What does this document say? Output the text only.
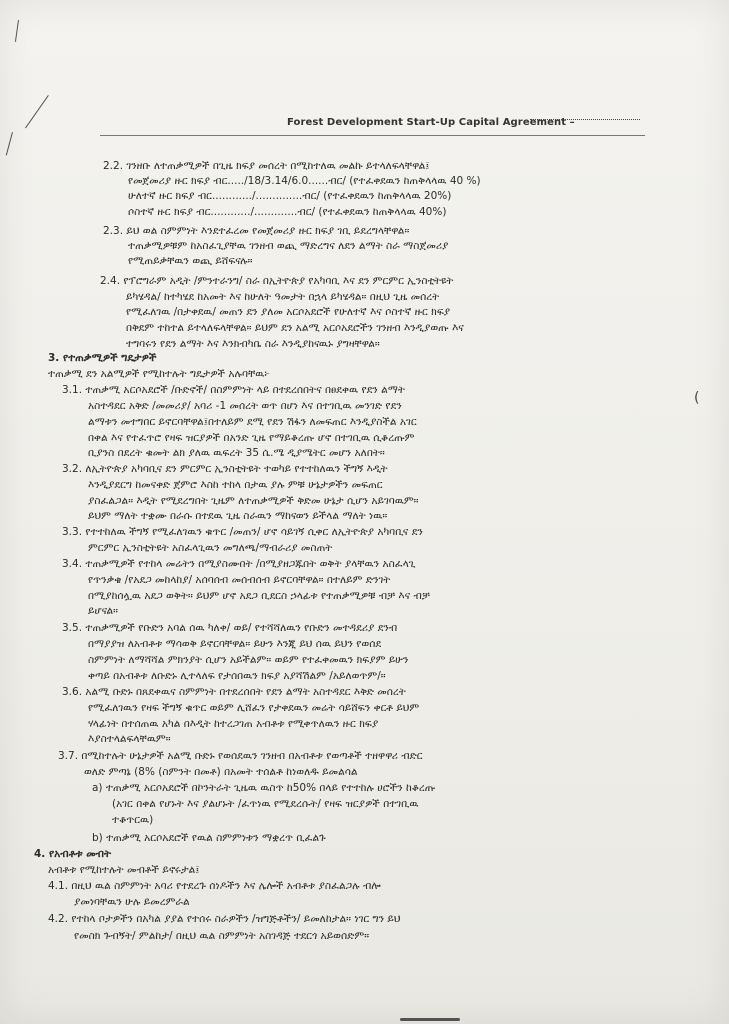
(
Forest Development Start-Up Capital Agreement –
2.2. ገንዘቡ ለተጠቃሚዎች በጊዜ ክፍያ መሰረት በሚከተለዉ መልኩ ይተላለፍላቸዋል፤
የመጀመሪያ ዙር ክፍያ ብር...../18/3.14/6.0......ብር/ (የተፈቀደዉን ከጠቅላላዉ 40 %)
ሁለተኛ ዙር ክፍያ ብር............/..............ብር/ (የተፈቀደዉን ከጠቅላላዉ 20%)
ሶስተኛ ዙር ክፍያ ብር............/.............ብር/ (የተፈቀደዉን ከጠቅላላዉ 40%)
2.3. ይህ ወል ስምምነት እንደተፈረመ የመጀመሪያ ዙር ክፍያ ገቢ ይደረግላቸዋል።
ተጠቃሚዎቹም ከአስፈጊያቸዉ ገንዘብ ወጪ ማድረግና ለደን ልማት ስራ ማስጀመሪያ
የሚጠይቃቸዉን ወጪ ይሸፍናሉ።
2.4. የፕሮግራም አዲት /ምንተራንግ/ ስራ በኢትዮጵያ የአካባቢ እና ደን ምርምር ኢንስቲትዩት
ይካሄዳል/ ከተካሄደ ከአመት እና ከሁለት ዓመታት በኋላ ይካሄዳል። በዚህ ጊዜ መሰረት
የሚፈለገዉ /በታቀደዉ/ መጠን ደን ያለመ አርሶአደሮች የሁለተኛ እና ሶስተኛ ዙር ክፍያ
በቅደም ተከተል ይተላለፍላቸዋል። ይህም ደን አልሚ አርሶአደሮችን ገንዘብ እንዲያወጡ እና
ተግባሩን የደን ልማት እና እንክብካቤ ስራ እንዲያከናዉኑ ያግዛቸዋል።
3. የተጠቃሚዎች ግዴታዎች
ተጠቃሚ ደን አልሚዎች የሚከተሉት ግዴታዎች አሉባቸዉ፦
3.1. ተጠቃሚ አርሶአደሮች /ቡድኖች/ በስምምነት ላይ በተደረሰበትና በፀደቀዉ የደን ልማት
አስተዳደር አቅድ /መመሪያ/ አባሪ -1 መሰረት ወጥ በሆነ እና በተገቢዉ መንገድ የደን
ልማቱን መተግበር ይኖርባቸዋል፤በተለይም ደሚ የደን ሽፋን ለመፍጠር እንዲያስችል አገር
በቀል እና የተፈጥሮ የዛፍ ዝርያዎች በአንድ ጊዜ የማይቆረጡ ሆኖ በተገቢዉ ሲቆረጡም
ቢያንስ በደረት ቁመት ልክ ያለዉ ዉፍረት 35 ሴ.ሜ ዲያሜትር መሆን አለበት።
3.2. ለኢትዮጵያ አካባቢና ደን ምርምር ኢንስቲትዩት ተወካይ የተተከለዉን ችግኝ እዲት
እንዲያደርግ ከመናቀድ ጀምሮ እስከ ተከላ በታዉ ያሉ ምቹ ሁኔታዎችን መፍጠር
ያስፈልጋል። እዲት የሚደረግበት ጊዜም ለተጠቃሚዎች ቅድመ ሁኔታ ሲሆን አይገባዉም።
ይህም ማለት ተቋሙ በራሱ በተደዉ ጊዜ ስራዉን ማከናወን ይችላል ማለት ነዉ።
3.3. የተተከለዉ ችግኝ የሚፈለገዉን ቁጥር /መጠን/ ሆኖ ሳይገኝ ሲቀር ለኢትዮጵያ አካባቢና ደን
ምርምር ኢንስቲትዩት አስፈላጊዉን መግለጫ/ማብራሪያ መስጠት
3.4. ተጠቃሚዎች የተከላ መሬትን በሚያስሙበት /በሚያዘጋጁበት ወቅት ያላቸዉን አስፈላጊ
የጥንቃቄ /የአደጋ መከላከያ/ አሰባሰብ መሰብሰብ ይኖርባቸዋል። በተለይም ድንገት
በሚያከሰሏዉ አደጋ ወቅት። ይህም ሆኖ አደጋ ቢደርስ ኃላፊቱ የተጠቃሚዎቹ ብቻ እና ብቻ
ይሆናል።
3.5. ተጠቃሚዎች የቡድን አባል ሰዉ ካለቀ/ ወይ/ የተሻሻለዉን የቡድን መተዳደሪያ ደንብ
በማያያዝ ለአብቶቱ ማሳወቅ ይኖርባቸዋል። ይሁን እንጂ ይህ ሰዉ ይህን የወሰደ
ስምምነት ለማሻሻል ምክንያት ሲሆን አይችልም። ወይም የተፈቀመዉን ክፍያም ይሁን
ቀጣይ በአብቶቱ ለቡድኑ ሊተላለፍ የታሰበዉን ክፍያ አያሻሽልም /አይለወጥም/።
3.6. አልሚ ቡድኑ በጸደቀዉና ስምምነት በተደረሰበት የደን ልማት አስተዳደር እቅድ መሰረት
የሚፈለገዉን የዛፍ ችግኝ ቁጥር ወይም ሊሸፈን የታቀደዉን መሬት ሳይሸፍን ቀርቶ ይህም
ሃላፊነት በተሰጠዉ አካል በእዲት ከተረጋገጠ አብቶቱ የሚቀጥለዉን ዙር ክፍያ
እያስተላልፍላቸዉም።
3.7. በሚከተሉት ሁኔታዎች አልሚ ቡድኑ የወሰደዉን ገንዘብ በአብቶቱ የወጣቶች ተዘዋዋሪ ብድር
ወለድ ምጣኔ (8% (ስምንት በመቶ) በአመት ተሰልቶ ከነወለዱ ይመልሳል
a) ተጠቃሚ አርሶአደሮች በኮንትራት ጊዜዉ ዉስጥ ከ50% በላይ የተተከሉ ሀሮችን ከቆረጡ
(አገር በቀል የሆኑት እና ያልሆኑት /ፈጥነዉ የሚደረሱት/ የዛፍ ዝርያዎች በተገቢዉ
ተቆጥርዉ)
b) ተጠቃሚ አርሶአደሮች የዉል ስምምነቱን ማቋረጥ ቢፈልጉ
4. የአብቶቱ መብት
አብቶቱ የሚከተሉት መብቶች ይኖሩታል፤
4.1. በዚህ ዉል ስምምነት አባሪ የተደረጉ ሰነዶችን እና ሌሎች አብቶቱ ያስፈልጋሉ ብሎ
ያመነባቸዉን ሁሉ ይመረምራል
4.2. የተከላ ቦታዎችን በአካል ያያል የተሰሩ ስራዎችን /ዝግጅቶችን/ ይመለከታል። ነገር ግን ይህ
የመስክ ጉብኝት/ ምልከታ/ በዚህ ዉል ስምምነት አስገዳጅ ተደርጎ አይወሰድም።
